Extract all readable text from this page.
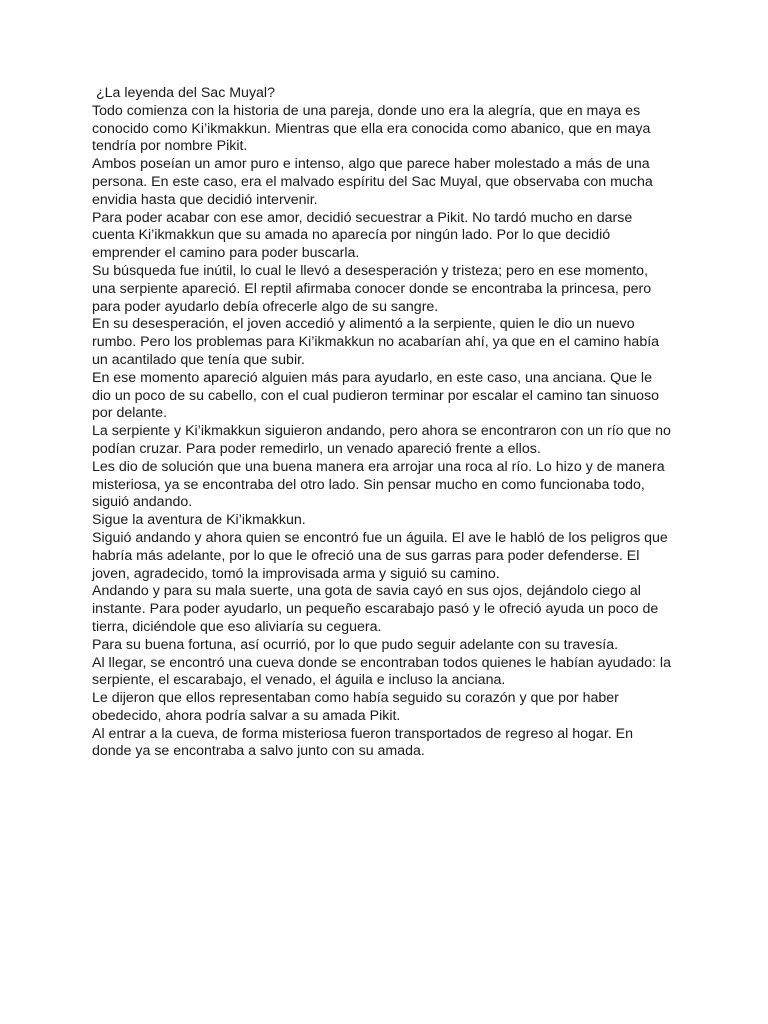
¿La leyenda del Sac Muyal?

Todo comienza con la historia de una pareja, donde uno era la alegría, que en maya es
conocido como Ki’ikmakkun. Mientras que ella era conocida como abanico, que en maya
tendría por nombre Pikit.

Ambos poseían un amor puro e intenso, algo que parece haber molestado a más de una
persona. En este caso, era el malvado espíritu del Sac Muyal, que observaba con mucha
envidia hasta que decidió intervenir.

Para poder acabar con ese amor, decidió secuestrar a Pikit. No tardó mucho en darse
cuenta Ki’ikmakkun que su amada no aparecía por ningún lado. Por lo que decidió
emprender el camino para poder buscarla.

Su búsqueda fue inútil, lo cual le llevó a desesperación y tristeza; pero en ese momento,
una serpiente apareció. El reptil afirmaba conocer donde se encontraba la princesa, pero
para poder ayudarlo debía ofrecerle algo de su sangre.

En su desesperación, el joven accedió y alimentó a la serpiente, quien le dio un nuevo
rumbo. Pero los problemas para Ki’ikmakkun no acabarían ahí, ya que en el camino había
un acantilado que tenía que subir.

En ese momento apareció alguien más para ayudarlo, en este caso, una anciana. Que le
dio un poco de su cabello, con el cual pudieron terminar por escalar el camino tan sinuoso
por delante.

La serpiente y Ki’ikmakkun siguieron andando, pero ahora se encontraron con un río que no
podían cruzar. Para poder remedirlo, un venado apareció frente a ellos.

Les dio de solución que una buena manera era arrojar una roca al río. Lo hizo y de manera
misteriosa, ya se encontraba del otro lado. Sin pensar mucho en como funcionaba todo,
siguió andando.

Sigue la aventura de Ki’ikmakkun.

Siguió andando y ahora quien se encontró fue un águila. El ave le habló de los peligros que
habría más adelante, por lo que le ofreció una de sus garras para poder defenderse. El
joven, agradecido, tomó la improvisada arma y siguió su camino.

Andando y para su mala suerte, una gota de savia cayó en sus ojos, dejándolo ciego al
instante. Para poder ayudarlo, un pequeño escarabajo pasó y le ofreció ayuda un poco de
tierra, diciéndole que eso aliviaría su ceguera.

Para su buena fortuna, así ocurrió, por lo que pudo seguir adelante con su travesía.

Al llegar, se encontró una cueva donde se encontraban todos quienes le habían ayudado: la
serpiente, el escarabajo, el venado, el águila e incluso la anciana.

Le dijeron que ellos representaban como había seguido su corazón y que por haber
obedecido, ahora podría salvar a su amada Pikit.

Al entrar a la cueva, de forma misteriosa fueron transportados de regreso al hogar. En
donde ya se encontraba a salvo junto con su amada.
